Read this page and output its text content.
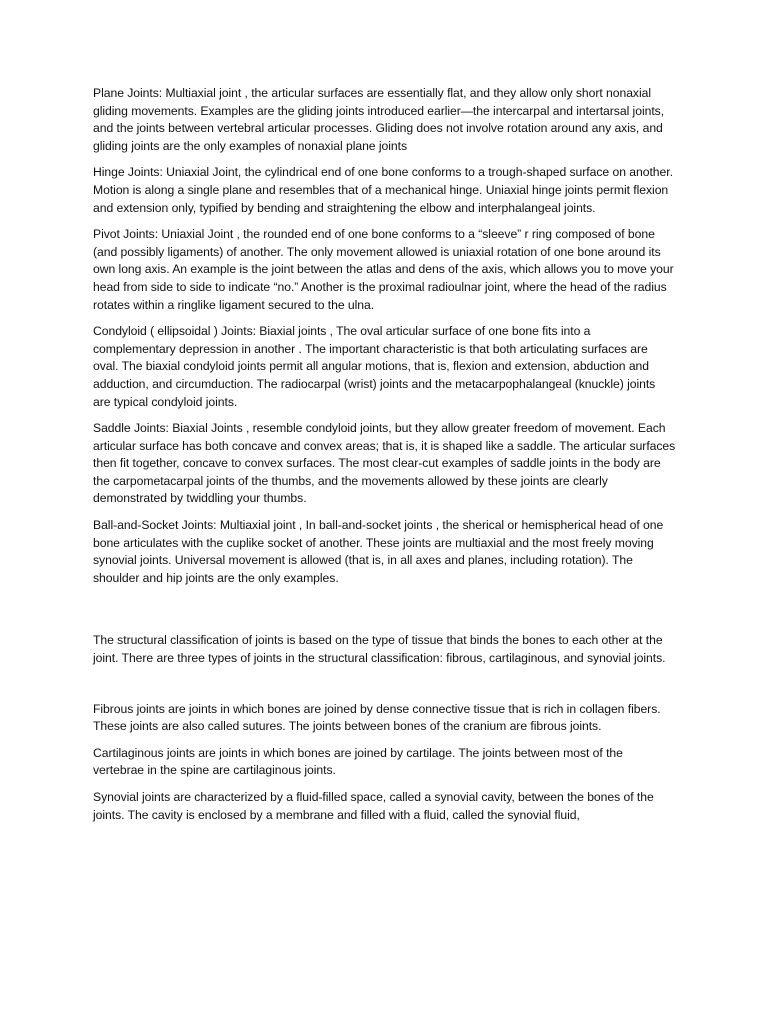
Plane Joints: Multiaxial joint , the articular surfaces are essentially flat, and they allow only short nonaxial gliding movements. Examples are the gliding joints introduced earlier—the intercarpal and intertarsal joints, and the joints between vertebral articular processes. Gliding does not involve rotation around any axis, and gliding joints are the only examples of nonaxial plane joints

Hinge Joints: Uniaxial Joint, the cylindrical end of one bone conforms to a trough-shaped surface on another. Motion is along a single plane and resembles that of a mechanical hinge. Uniaxial hinge joints permit flexion and extension only, typified by bending and straightening the elbow and interphalangeal joints.

Pivot Joints: Uniaxial Joint , the rounded end of one bone conforms to a “sleeve” r ring composed of bone (and possibly ligaments) of another. The only movement allowed is uniaxial rotation of one bone around its own long axis. An example is the joint between the atlas and dens of the axis, which allows you to move your head from side to side to indicate “no.” Another is the proximal radioulnar joint, where the head of the radius rotates within a ringlike ligament secured to the ulna.

Condyloid ( ellipsoidal ) Joints: Biaxial joints , The oval articular surface of one bone fits into a complementary depression in another . The important characteristic is that both articulating surfaces are oval. The biaxial condyloid joints permit all angular motions, that is, flexion and extension, abduction and adduction, and circumduction. The radiocarpal (wrist) joints and the metacarpophalangeal (knuckle) joints are typical condyloid joints.

Saddle Joints: Biaxial Joints , resemble condyloid joints, but they allow greater freedom of movement. Each articular surface has both concave and convex areas; that is, it is shaped like a saddle. The articular surfaces then fit together, concave to convex surfaces. The most clear-cut examples of saddle joints in the body are the carpometacarpal joints of the thumbs, and the movements allowed by these joints are clearly demonstrated by twiddling your thumbs.

Ball-and-Socket Joints: Multiaxial joint , In ball-and-socket joints , the sherical or hemispherical head of one bone articulates with the cuplike socket of another. These joints are multiaxial and the most freely moving synovial joints. Universal movement is allowed (that is, in all axes and planes, including rotation). The shoulder and hip joints are the only examples.

The structural classification of joints is based on the type of tissue that binds the bones to each other at the joint. There are three types of joints in the structural classification: fibrous, cartilaginous, and synovial joints.

Fibrous joints are joints in which bones are joined by dense connective tissue that is rich in collagen fibers. These joints are also called sutures. The joints between bones of the cranium are fibrous joints.

Cartilaginous joints are joints in which bones are joined by cartilage. The joints between most of the vertebrae in the spine are cartilaginous joints.

Synovial joints are characterized by a fluid-filled space, called a synovial cavity, between the bones of the joints. The cavity is enclosed by a membrane and filled with a fluid, called the synovial fluid,
